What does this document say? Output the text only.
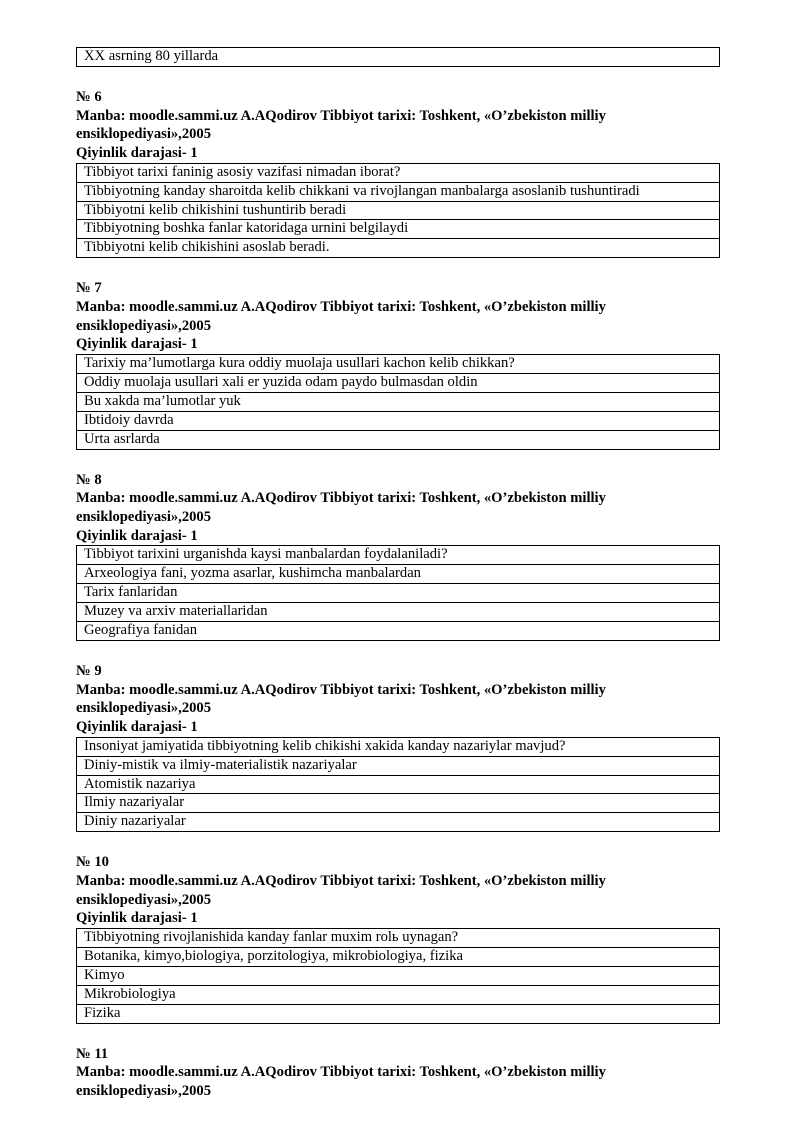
XX asrning 80 yillarda
№ 6
Manba: moodle.sammi.uz A.AQodirov Tibbiyot tarixi: Toshkent, «O’zbekiston milliy ensiklopediyasi»,2005
Qiyinlik darajasi- 1
Tibbiyot tarixi faninig asosiy vazifasi nimadan iborat?
Tibbiyotning kanday sharoitda kelib chikkani va rivojlangan manbalarga asoslanib tushuntiradi
Tibbiyotni kelib chikishini tushuntirib beradi
Tibbiyotning boshka fanlar katoridaga urnini belgilaydi
Tibbiyotni kelib chikishini asoslab beradi.
№ 7
Manba: moodle.sammi.uz A.AQodirov Tibbiyot tarixi: Toshkent, «O’zbekiston milliy ensiklopediyasi»,2005
Qiyinlik darajasi- 1
Tarixiy ma’lumotlarga kura oddiy muolaja usullari kachon kelib chikkan?
Oddiy muolaja usullari xali er yuzida odam paydo bulmasdan oldin
Bu xakda ma’lumotlar yuk
Ibtidoiy davrda
Urta asrlarda
№ 8
Manba: moodle.sammi.uz A.AQodirov Tibbiyot tarixi: Toshkent, «O’zbekiston milliy ensiklopediyasi»,2005
Qiyinlik darajasi- 1
Tibbiyot tarixini urganishda kaysi manbalardan foydalaniladi?
Arxeologiya fani, yozma asarlar, kushimcha manbalardan
Tarix fanlaridan
Muzey va arxiv materiallaridan
Geografiya fanidan
№ 9
Manba: moodle.sammi.uz A.AQodirov Tibbiyot tarixi: Toshkent, «O’zbekiston milliy ensiklopediyasi»,2005
Qiyinlik darajasi- 1
Insoniyat jamiyatida tibbiyotning kelib chikishi xakida kanday nazariylar mavjud?
Diniy-mistik va ilmiy-materialistik nazariyalar
Atomistik nazariya
Ilmiy nazariyalar
Diniy nazariyalar
№ 10
Manba: moodle.sammi.uz A.AQodirov Tibbiyot tarixi: Toshkent, «O’zbekiston milliy ensiklopediyasi»,2005
Qiyinlik darajasi- 1
Tibbiyotning rivojlanishida kanday fanlar muxim rolь uynagan?
Botanika, kimyo,biologiya, porzitologiya, mikrobiologiya, fizika
Kimyo
Mikrobiologiya
Fizika
№ 11
Manba: moodle.sammi.uz A.AQodirov Tibbiyot tarixi: Toshkent, «O’zbekiston milliy ensiklopediyasi»,2005
